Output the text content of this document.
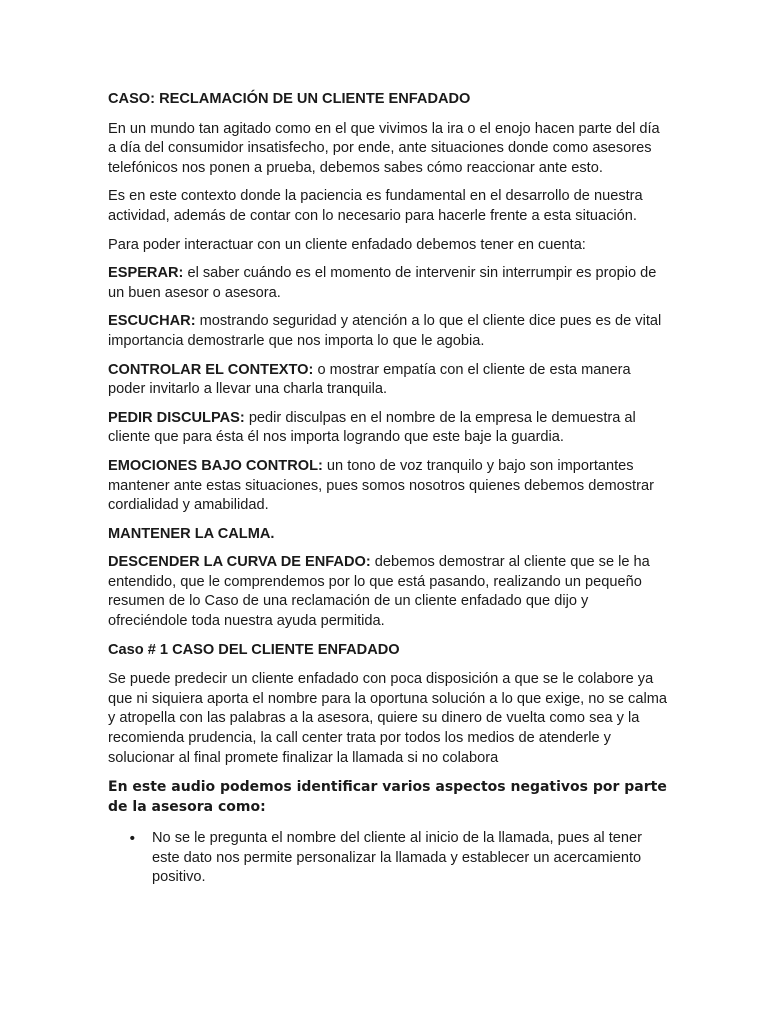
CASO: RECLAMACIÓN DE UN CLIENTE ENFADADO

En un mundo tan agitado como en el que vivimos la ira o el enojo hacen parte del día a día del consumidor insatisfecho, por ende, ante situaciones donde como asesores telefónicos nos ponen a prueba, debemos sabes cómo reaccionar ante esto.

Es en este contexto donde la paciencia es fundamental en el desarrollo de nuestra actividad, además de contar con lo necesario para hacerle frente a esta situación.

Para poder interactuar con un cliente enfadado debemos tener en cuenta:

ESPERAR: el saber cuándo es el momento de intervenir sin interrumpir es propio de un buen asesor o asesora.

ESCUCHAR: mostrando seguridad y atención a lo que el cliente dice pues es de vital importancia demostrarle que nos importa lo que le agobia.

CONTROLAR EL CONTEXTO: o mostrar empatía con el cliente de esta manera poder invitarlo a llevar una charla tranquila.

PEDIR DISCULPAS: pedir disculpas en el nombre de la empresa le demuestra al cliente que para ésta él nos importa logrando que este baje la guardia.

EMOCIONES BAJO CONTROL: un tono de voz tranquilo y bajo son importantes mantener ante estas situaciones, pues somos nosotros quienes debemos demostrar cordialidad y amabilidad.

MANTENER LA CALMA.

DESCENDER LA CURVA DE ENFADO: debemos demostrar al cliente que se le ha entendido, que le comprendemos por lo que está pasando, realizando un pequeño resumen de lo Caso de una reclamación de un cliente enfadado que dijo y ofreciéndole toda nuestra ayuda permitida.

Caso # 1 CASO DEL CLIENTE ENFADADO

Se puede predecir un cliente enfadado con poca disposición a que se le colabore ya que ni siquiera aporta el nombre para la oportuna solución a lo que exige, no se calma y atropella con las palabras a la asesora, quiere su dinero de vuelta como sea y la recomienda prudencia, la call center trata por todos los medios de atenderle y solucionar al final promete finalizar la llamada si no colabora

En este audio podemos identificar varios aspectos negativos por parte de la asesora como:
• No se le pregunta el nombre del cliente al inicio de la llamada, pues al tener este dato nos permite personalizar la llamada y establecer un acercamiento positivo.
